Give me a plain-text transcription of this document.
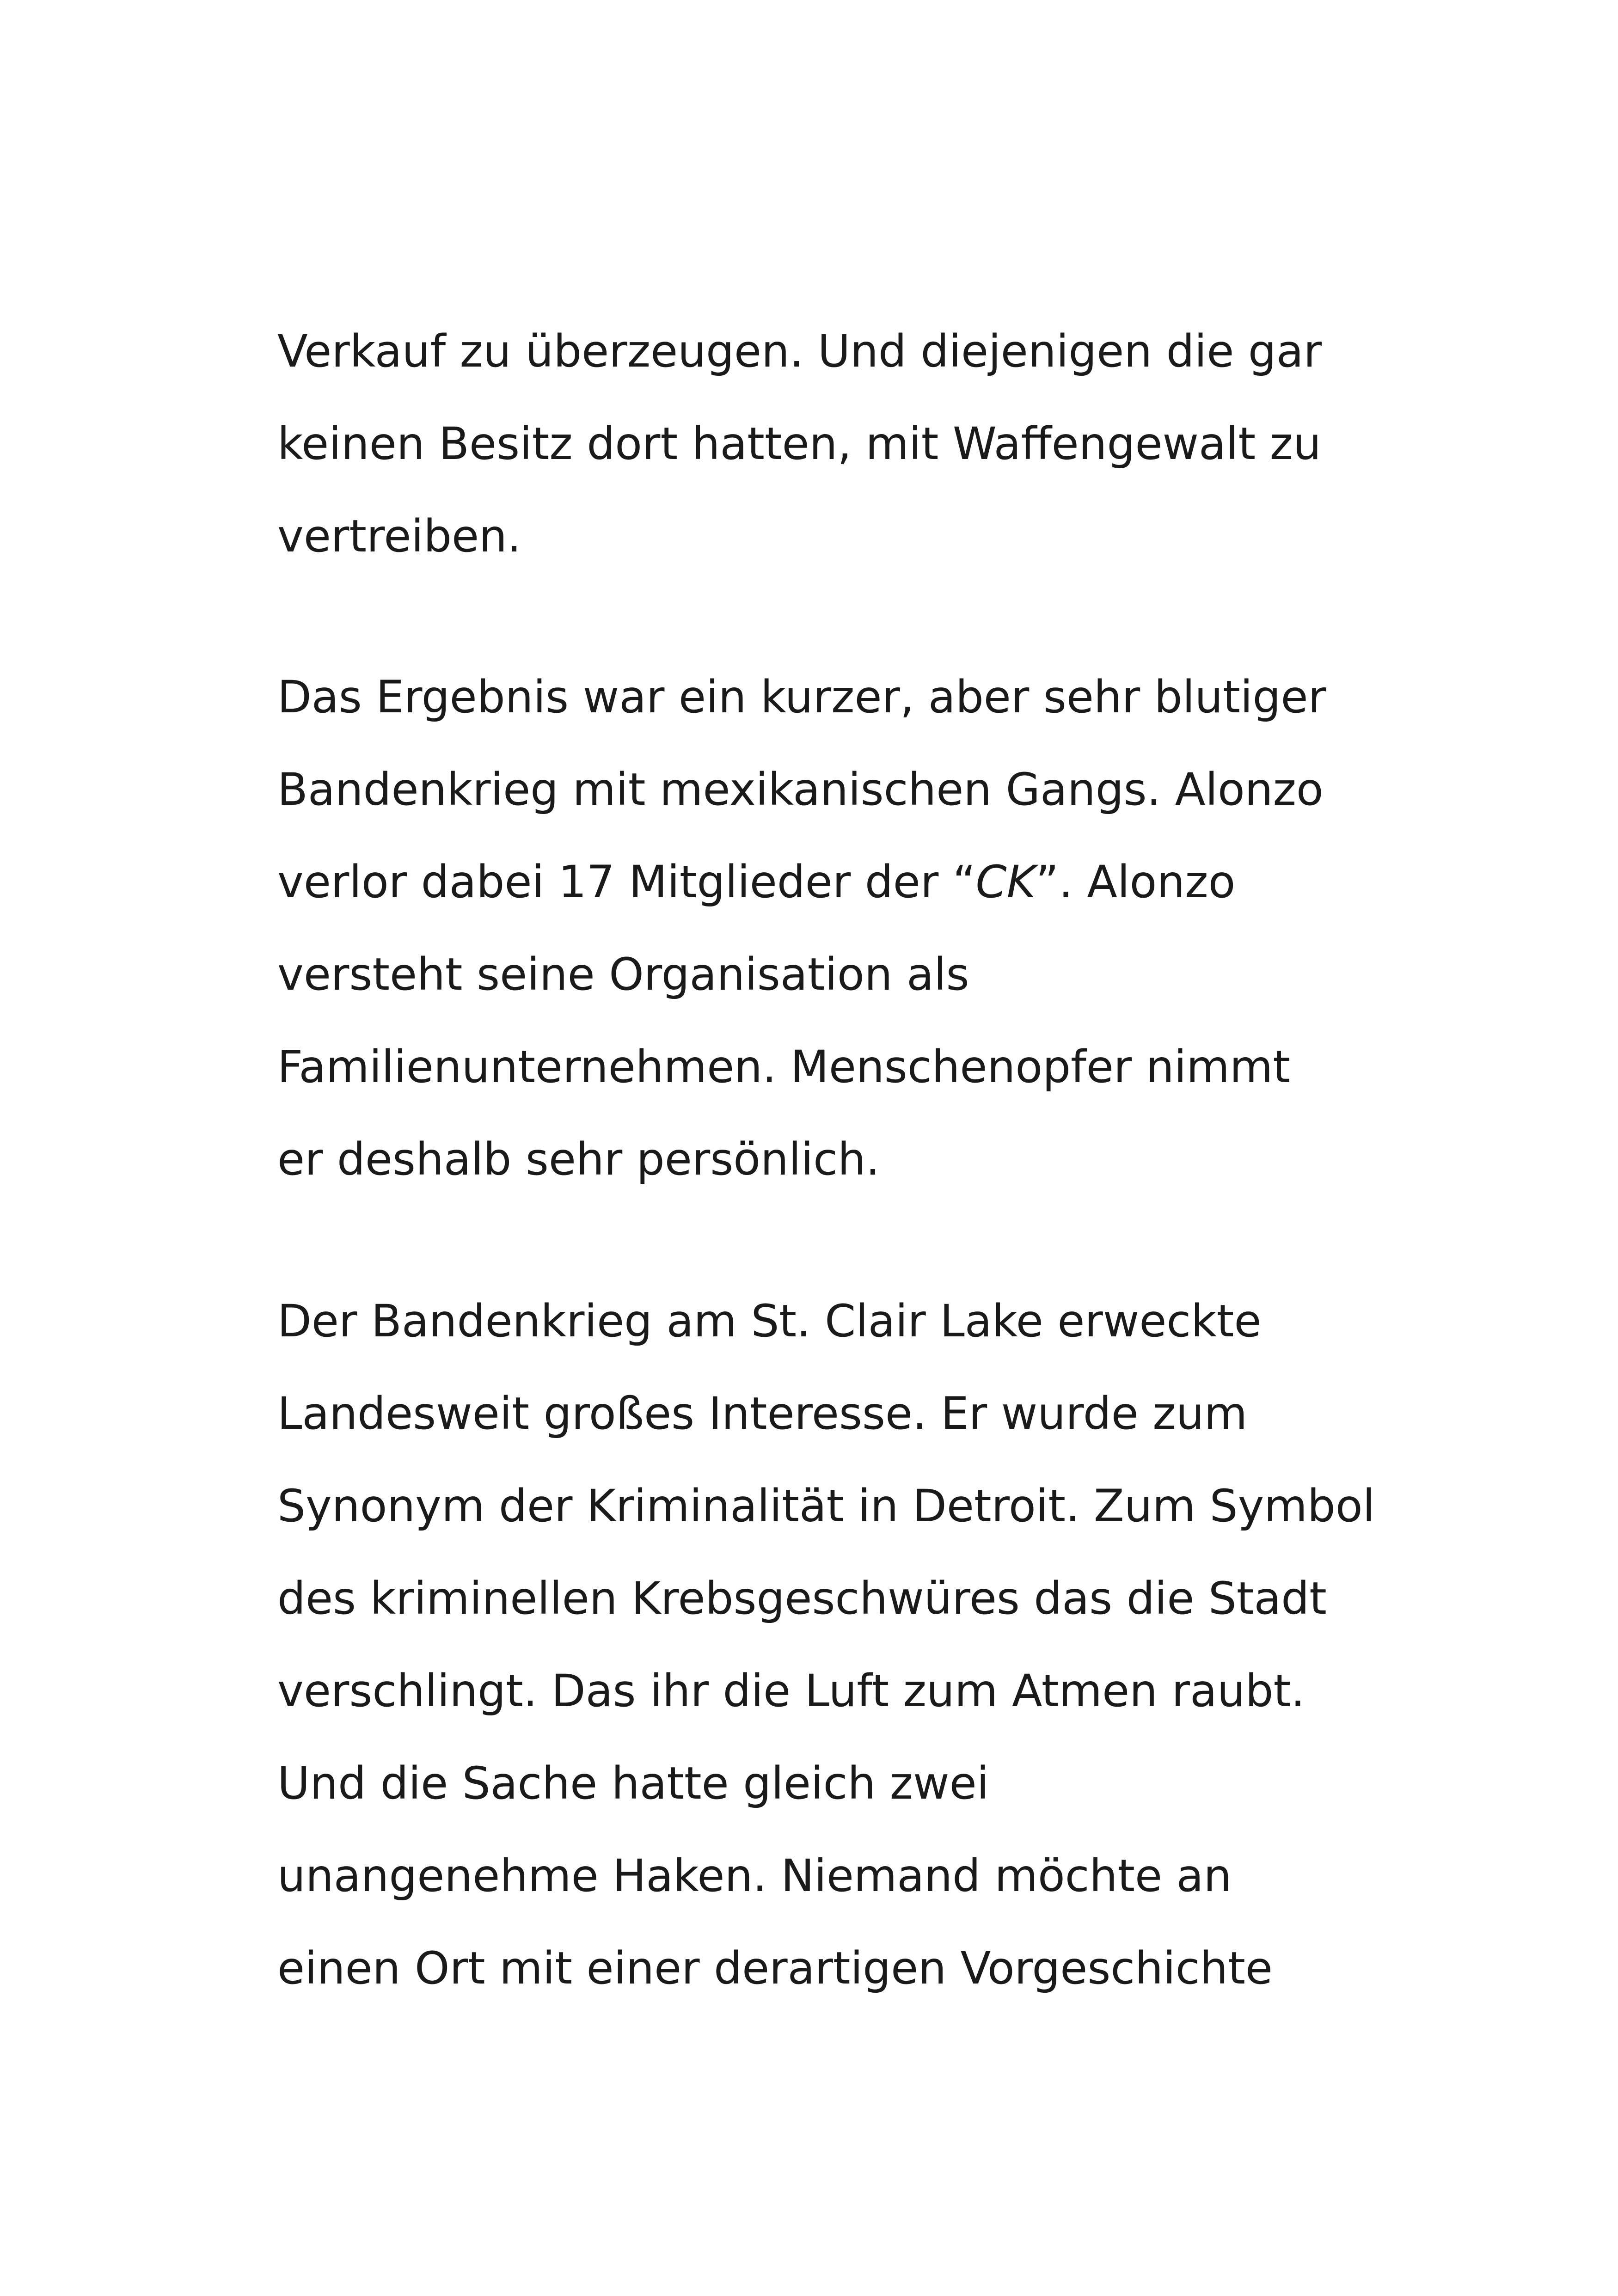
Verkauf zu überzeugen. Und diejenigen die gar
keinen Besitz dort hatten, mit Waffengewalt zu
vertreiben.

Das Ergebnis war ein kurzer, aber sehr blutiger
Bandenkrieg mit mexikanischen Gangs. Alonzo
verlor dabei 17 Mitglieder der “CK”. Alonzo
versteht seine Organisation als
Familienunternehmen. Menschenopfer nimmt
er deshalb sehr persönlich.

Der Bandenkrieg am St. Clair Lake erweckte
Landesweit großes Interesse. Er wurde zum
Synonym der Kriminalität in Detroit. Zum Symbol
des kriminellen Krebsgeschwüres das die Stadt
verschlingt. Das ihr die Luft zum Atmen raubt.
Und die Sache hatte gleich zwei
unangenehme Haken. Niemand möchte an
einen Ort mit einer derartigen Vorgeschichte
